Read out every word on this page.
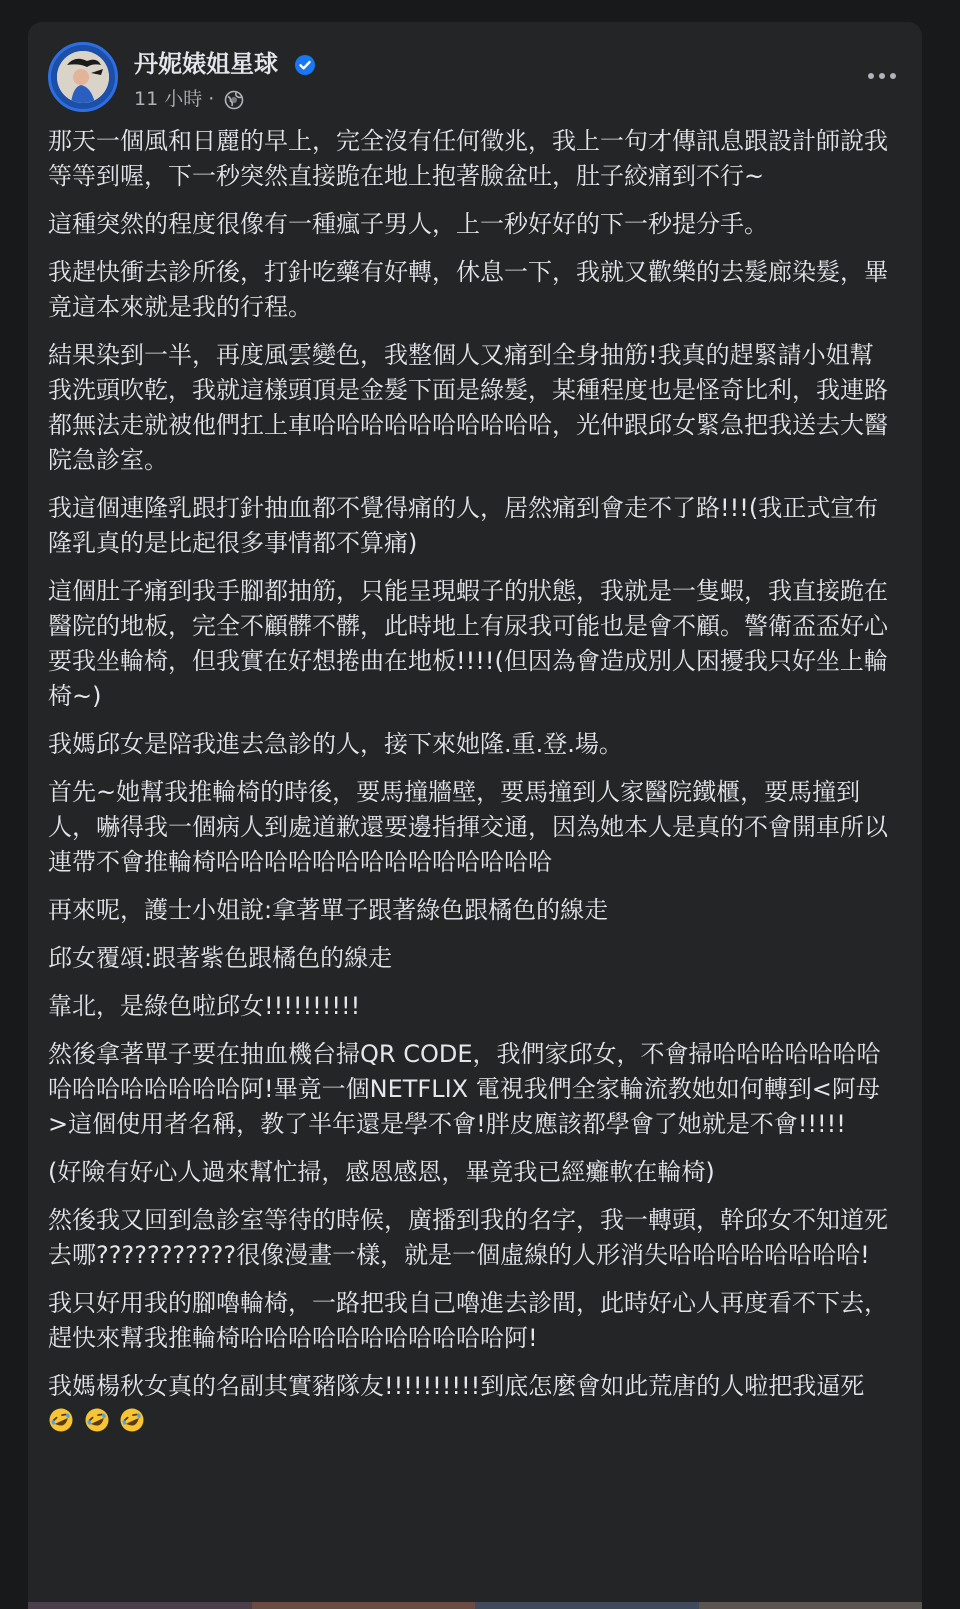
丹妮婊姐星球
11 小時 ·

那天一個風和日麗的早上，完全沒有任何徵兆，我上一句才傳訊息跟設計師說我等等到喔，下一秒突然直接跪在地上抱著臉盆吐，肚子絞痛到不行~

這種突然的程度很像有一種瘋子男人，上一秒好好的下一秒提分手。

我趕快衝去診所後，打針吃藥有好轉，休息一下，我就又歡樂的去髮廊染髮，畢竟這本來就是我的行程。

結果染到一半，再度風雲變色，我整個人又痛到全身抽筋!我真的趕緊請小姐幫我洗頭吹乾，我就這樣頭頂是金髮下面是綠髮，某種程度也是怪奇比利，我連路都無法走就被他們扛上車哈哈哈哈哈哈哈哈哈哈，光仲跟邱女緊急把我送去大醫院急診室。

我這個連隆乳跟打針抽血都不覺得痛的人，居然痛到會走不了路!!!(我正式宣布隆乳真的是比起很多事情都不算痛)

這個肚子痛到我手腳都抽筋，只能呈現蝦子的狀態，我就是一隻蝦，我直接跪在醫院的地板，完全不顧髒不髒，此時地上有尿我可能也是會不顧。警衛盃盃好心要我坐輪椅，但我實在好想捲曲在地板!!!!(但因為會造成別人困擾我只好坐上輪椅~)

我媽邱女是陪我進去急診的人，接下來她隆.重.登.場。

首先~她幫我推輪椅的時後，要馬撞牆壁，要馬撞到人家醫院鐵櫃，要馬撞到人，嚇得我一個病人到處道歉還要邊指揮交通，因為她本人是真的不會開車所以連帶不會推輪椅哈哈哈哈哈哈哈哈哈哈哈哈哈哈

再來呢，護士小姐說:拿著單子跟著綠色跟橘色的線走

邱女覆頌:跟著紫色跟橘色的線走

靠北，是綠色啦邱女!!!!!!!!!!

然後拿著單子要在抽血機台掃QR CODE，我們家邱女，不會掃哈哈哈哈哈哈哈哈哈哈哈哈哈哈哈阿!畢竟一個NETFLIX 電視我們全家輪流教她如何轉到<阿母>這個使用者名稱，教了半年還是學不會!胖皮應該都學會了她就是不會!!!!!

(好險有好心人過來幫忙掃，感恩感恩，畢竟我已經癱軟在輪椅)

然後我又回到急診室等待的時候，廣播到我的名字，我一轉頭，幹邱女不知道死去哪???????????很像漫畫一樣，就是一個虛線的人形消失哈哈哈哈哈哈哈哈!

我只好用我的腳嚕輪椅，一路把我自己嚕進去診間，此時好心人再度看不下去，趕快來幫我推輪椅哈哈哈哈哈哈哈哈哈哈哈阿!

我媽楊秋女真的名副其實豬隊友!!!!!!!!!!到底怎麼會如此荒唐的人啦把我逼死
